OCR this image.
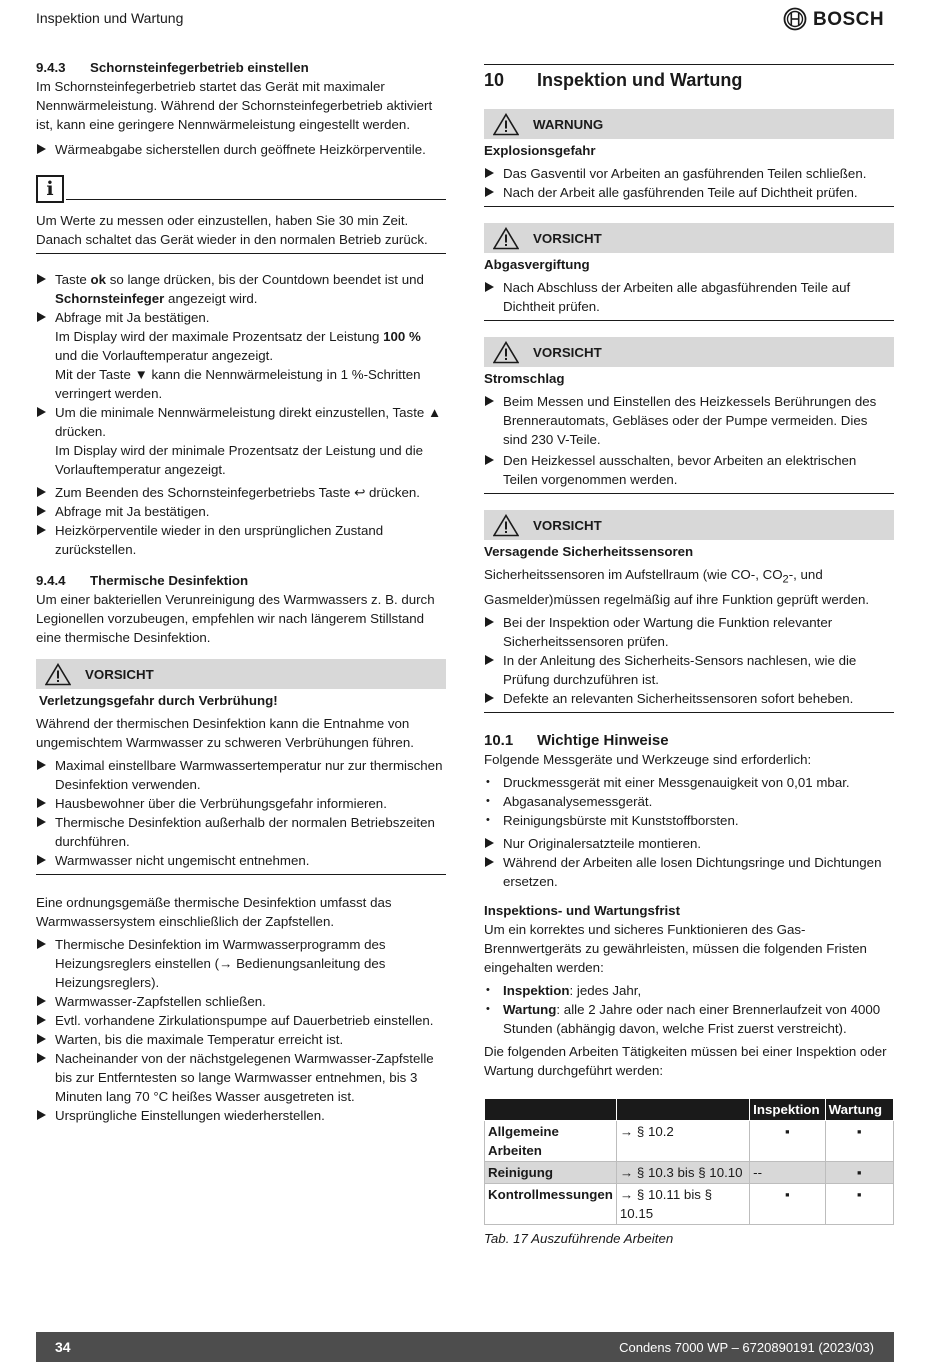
Inspektion und Wartung	BOSCH

9.4.3 Schornsteinfegerbetrieb einstellen

Im Schornsteinfegerbetrieb startet das Gerät mit maximaler Nennwärmeleistung. Während der Schornsteinfegerbetrieb aktiviert ist, kann eine geringere Nennwärmeleistung eingestellt werden.

Wärmeabgabe sicherstellen durch geöffnete Heizkörperventile.

i

Um Werte zu messen oder einzustellen, haben Sie 30 min Zeit. Danach schaltet das Gerät wieder in den normalen Betrieb zurück.

Taste ok so lange drücken, bis der Countdown beendet ist und Schornsteinfeger angezeigt wird.

Abfrage mit Ja bestätigen.

Im Display wird der maximale Prozentsatz der Leistung 100 % und die Vorlauftemperatur angezeigt.

Mit der Taste ▼ kann die Nennwärmeleistung in 1 %-Schritten verringert werden.

Um die minimale Nennwärmeleistung direkt einzustellen, Taste ▲ drücken.

Im Display wird der minimale Prozentsatz der Leistung und die Vorlauftemperatur angezeigt.

Zum Beenden des Schornsteinfegerbetriebs Taste ↩ drücken.

Abfrage mit Ja bestätigen.

Heizkörperventile wieder in den ursprünglichen Zustand zurückstellen.

9.4.4 Thermische Desinfektion

Um einer bakteriellen Verunreinigung des Warmwassers z. B. durch Legionellen vorzubeugen, empfehlen wir nach längerem Stillstand eine thermische Desinfektion.

VORSICHT

Verletzungsgefahr durch Verbrühung!

Während der thermischen Desinfektion kann die Entnahme von ungemischtem Warmwasser zu schweren Verbrühungen führen.

Maximal einstellbare Warmwassertemperatur nur zur thermischen Desinfektion verwenden.

Hausbewohner über die Verbrühungsgefahr informieren.

Thermische Desinfektion außerhalb der normalen Betriebszeiten durchführen.

Warmwasser nicht ungemischt entnehmen.

Eine ordnungsgemäße thermische Desinfektion umfasst das Warmwassersystem einschließlich der Zapfstellen.

Thermische Desinfektion im Warmwasserprogramm des Heizungsreglers einstellen (→ Bedienungsanleitung des Heizungsreglers).

Warmwasser-Zapfstellen schließen.

Evtl. vorhandene Zirkulationspumpe auf Dauerbetrieb einstellen.

Warten, bis die maximale Temperatur erreicht ist.

Nacheinander von der nächstgelegenen Warmwasser-Zapfstelle bis zur Entferntesten so lange Warmwasser entnehmen, bis 3 Minuten lang 70 °C heißes Wasser ausgetreten ist.

Ursprüngliche Einstellungen wiederherstellen.

10 Inspektion und Wartung
WARNUNG

Explosionsgefahr

Das Gasventil vor Arbeiten an gasführenden Teilen schließen.

Nach der Arbeit alle gasführenden Teile auf Dichtheit prüfen.

VORSICHT

Abgasvergiftung

Nach Abschluss der Arbeiten alle abgasführenden Teile auf Dichtheit prüfen.

VORSICHT

Stromschlag

Beim Messen und Einstellen des Heizkessels Berührungen des Brennerautomats, Gebläses oder der Pumpe vermeiden. Dies sind 230 V-Teile.

Den Heizkessel ausschalten, bevor Arbeiten an elektrischen Teilen vorgenommen werden.

VORSICHT

Versagende Sicherheitssensoren

Sicherheitssensoren im Aufstellraum (wie CO-, $CO_2-$, und Gasmelder)müssen regelmäßig auf ihre Funktion geprüft werden.

Bei der Inspektion oder Wartung die Funktion relevanter Sicherheitssensoren prüfen.

In der Anleitung des Sicherheits-Sensors nachlesen, wie die Prüfung durchzuführen ist.

Defekte an relevanten Sicherheitssensoren sofort beheben.

10.1 Wichtige Hinweise

Folgende Messgeräte und Werkzeuge sind erforderlich:

• Druckmessgerät mit einer Messgenauigkeit von 0,01 mbar.

• Abgasanalysemessgerät.

• Reinigungsbürste mit Kunststoffborsten.

Nur Originalersatzteile montieren.

Während der Arbeiten alle losen Dichtungsringe und Dichtungen ersetzen.

Inspektions- und Wartungsfrist

Um ein korrektes und sicheres Funktionieren des Gas-Brennwertgeräts zu gewährleisten, müssen die folgenden Fristen eingehalten werden:

• Inspektion: jedes Jahr,

• Wartung: alle 2 Jahre oder nach einer Brennerlaufzeit von 4000 Stunden (abhängig davon, welche Frist zuerst verstreicht).

Die folgenden Arbeiten Tätigkeiten müssen bei einer Inspektion oder Wartung durchgeführt werden:

		Inspektion	Wartung
Allgemeine Arbeiten	→ § 10.2	▪	▪
Reinigung	→ § 10.3 bis § 10.10	--	▪
Kontrollmessungen	→ § 10.11 bis § 10.15	▪	▪

Tab. 17 Auszuführende Arbeiten

34	Condens 7000 WP – 6720890191 (2023/03)
